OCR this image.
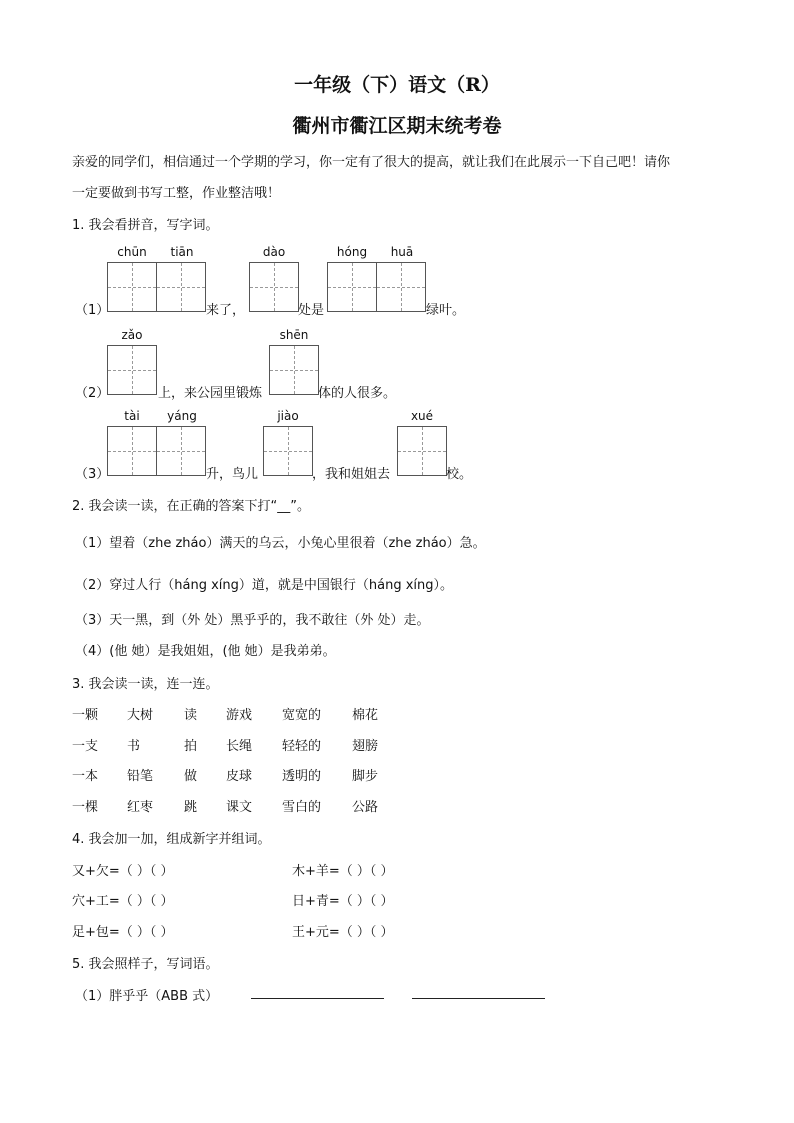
一年级（下）语文（R）
衢州市衢江区期末统考卷
亲爱的同学们，相信通过一个学期的学习，你一定有了很大的提高，就让我们在此展示一下自己吧！请你
一定要做到书写工整，作业整洁哦！
1. 我会看拼音，写字词。
chūn	tiān	dào	hóng	huā
（1）	来了，	处是	绿叶。
zǎo	shēn
（2）	上，来公园里锻炼	体的人很多。
tài	yáng	jiào	xué
（3）	升，鸟儿	，我和姐姐去	校。
2. 我会读一读，在正确的答案下打“__”。
（1）望着（zhe zháo）满天的乌云，小兔心里很着（zhe zháo）急。
（2）穿过人行（háng xíng）道，就是中国银行（háng xíng）。
（3）天一黑，到（外 处）黑乎乎的，我不敢往（外 处）走。
（4）(他 她）是我姐姐，(他 她）是我弟弟。
3. 我会读一读，连一连。
一颗 大树 读 游戏 宽宽的 棉花
一支 书	拍 长绳 轻轻的 翅膀
一本 铅笔 做 皮球 透明的 脚步
一棵 红枣 跳 课文 雪白的 公路
4. 我会加一加，组成新字并组词。
又+欠=（ ）（ ）	木+羊=（ ）（ ）
穴+工=（ ）（ ）	日+青=（ ）（ ）
足+包=（ ）（ ）	王+元=（ ）（ ）
5. 我会照样子，写词语。
（1）胖乎乎（ABB 式）
